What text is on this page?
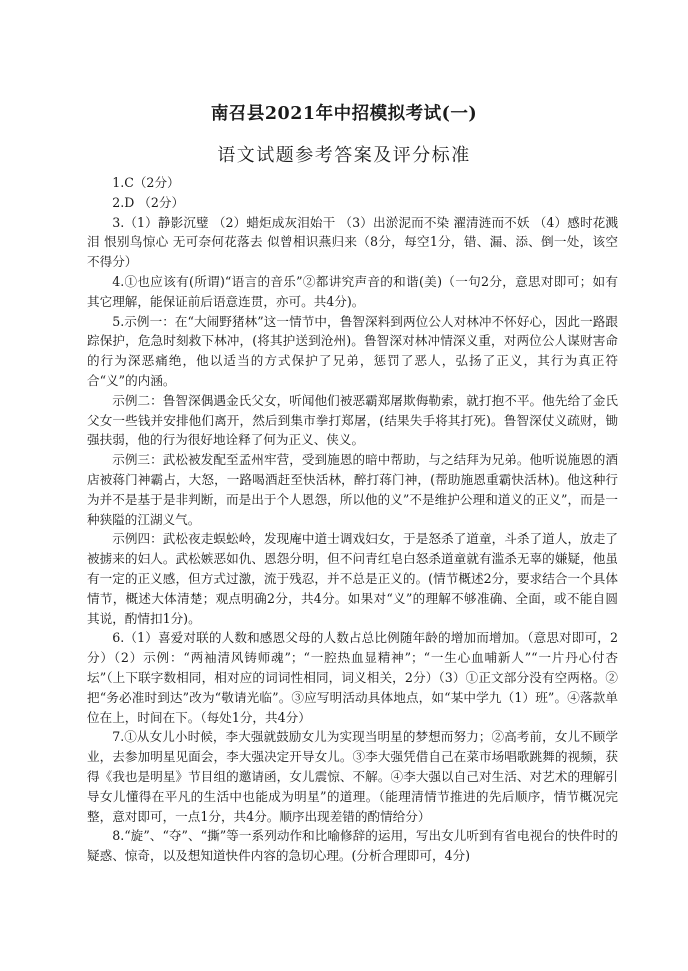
南召县2021年中招模拟考试(一)
语文试题参考答案及评分标准

1.C（2分）

2.D （2分）

3.（1）静影沉璧 （2）蜡炬成灰泪始干 （3）出淤泥而不染 濯清涟而不妖 （4）感时花溅泪 恨别鸟惊心 无可奈何花落去 似曾相识燕归来（8分，每空1分，错、漏、添、倒一处，该空不得分）

4.①也应该有(所谓)“语言的音乐”②都讲究声音的和谐(美)（一句2分，意思对即可；如有其它理解，能保证前后语意连贯，亦可。共4分)。

5.示例一：在“大闹野猪林”这一情节中，鲁智深料到两位公人对林冲不怀好心，因此一路跟踪保护，危急时刻救下林冲，(将其护送到沧州)。鲁智深对林冲情深义重，对两位公人谋财害命的行为深恶痛绝，他以适当的方式保护了兄弟，惩罚了恶人，弘扬了正义，其行为真正符合“义”的内涵。

示例二：鲁智深偶遇金氏父女，听闻他们被恶霸郑屠欺侮勒索，就打抱不平。他先给了金氏父女一些钱并安排他们离开，然后到集市拳打郑屠，(结果失手将其打死)。鲁智深仗义疏财，锄强扶弱，他的行为很好地诠释了何为正义、侠义。

示例三：武松被发配至孟州牢营，受到施恩的暗中帮助，与之结拜为兄弟。他听说施恩的酒店被蒋门神霸占，大怒，一路喝酒赶至快活林，醉打蒋门神，(帮助施恩重霸快活林)。他这种行为并不是基于是非判断，而是出于个人恩怨，所以他的义”不是维护公理和道义的正义”，而是一种狭隘的江湖义气。

示例四：武松夜走蜈蚣岭，发现庵中道士调戏妇女，于是怒杀了道童，斗杀了道人，放走了被掳来的妇人。武松嫉恶如仇、恩怨分明，但不问青红皂白怒杀道童就有滥杀无辜的嫌疑，他虽有一定的正义感，但方式过激，流于残忍，并不总是正义的。(情节概述2分，要求结合一个具体情节，概述大体清楚；观点明确2分，共4分。如果对“义”的理解不够准确、全面，或不能自圆其说，酌情扣1分)。

6.（1）喜爱对联的人数和感恩父母的人数占总比例随年龄的增加而增加。（意思对即可，2分）（2）示例：“两袖清风铸师魂”；“一腔热血显精神”；“一生心血哺新人”“一片丹心付杏坛”（上下联字数相同，相对应的词词性相同，词义相关，2分）（3）①正文部分没有空两格。②把“务必准时到达”改为“敬请光临”。③应写明活动具体地点，如“某中学九（1）班”。④落款单位在上，时间在下。（每处1分，共4分）

7.①从女儿小时候，李大强就鼓励女儿为实现当明星的梦想而努力；②高考前，女儿不顾学业，去参加明星见面会，李大强决定开导女儿。③李大强凭借自己在菜市场唱歌跳舞的视频，获得《我也是明星》节目组的邀请函，女儿震惊、不解。④李大强以自己对生活、对艺术的理解引导女儿懂得在平凡的生活中也能成为明星”的道理。（能理清情节推进的先后顺序，情节概况完整，意对即可，一点1分，共4分。顺序出现差错的酌情给分）

8.“旋”、“夺”、“撕”等一系列动作和比喻修辞的运用，写出女儿听到有省电视台的快件时的疑惑、惊奇，以及想知道快件内容的急切心理。(分析合理即可，4分)
